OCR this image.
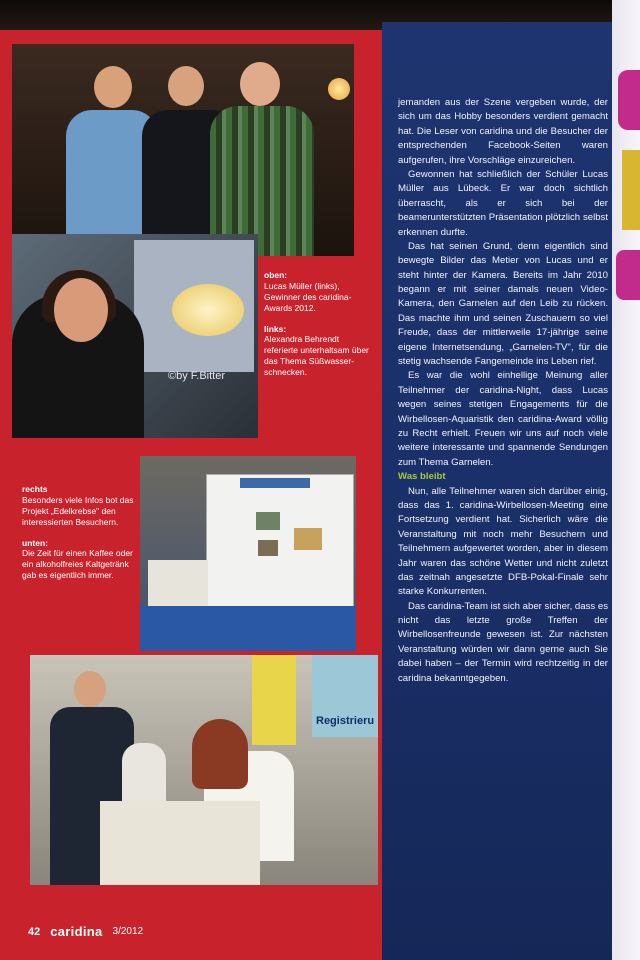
©by F.Bitter
oben:
Lucas Müller (links), Gewinner des caridina-Awards 2012.
links:
Alexandra Behrendt referierte unterhaltsam über das Thema Süßwasserschnecken.
rechts
Besonders viele Infos bot das Projekt „Edelkrebse" den interessierten Besuchern.
unten:
Die Zeit für einen Kaffee oder ein alkoholfreies Kaltgetränk gab es eigentlich immer.
Registrieru

jemanden aus der Szene vergeben wurde, der sich um das Hobby besonders verdient gemacht hat. Die Leser von caridina und die Besucher der entsprechenden Facebook-Seiten waren aufgerufen, ihre Vorschläge einzureichen.

Gewonnen hat schließlich der Schüler Lucas Müller aus Lübeck. Er war doch sichtlich überrascht, als er sich bei der beamerunterstützten Präsentation plötzlich selbst erkennen durfte.

Das hat seinen Grund, denn eigentlich sind bewegte Bilder das Metier von Lucas und er steht hinter der Kamera. Bereits im Jahr 2010 begann er mit seiner damals neuen Video-Kamera, den Garnelen auf den Leib zu rücken. Das machte ihm und seinen Zuschauern so viel Freude, dass der mittlerweile 17-jährige seine eigene Internetsendung, „Garnelen-TV", für die stetig wachsende Fangemeinde ins Leben rief.

Es war die wohl einhellige Meinung aller Teilnehmer der caridina-Night, dass Lucas wegen seines stetigen Engagements für die Wirbellosen-Aquaristik den caridina-Award völlig zu Recht erhielt. Freuen wir uns auf noch viele weitere interessante und spannende Sendungen zum Thema Garnelen.

Was bleibt

Nun, alle Teilnehmer waren sich darüber einig, dass das 1. caridina-Wirbellosen-Meeting eine Fortsetzung verdient hat. Sicherlich wäre die Veranstaltung mit noch mehr Besuchern und Teilnehmern aufgewertet worden, aber in diesem Jahr waren das schöne Wetter und nicht zuletzt das zeitnah angesetzte DFB-Pokal-Finale sehr starke Konkurrenten.

Das caridina-Team ist sich aber sicher, dass es nicht das letzte große Treffen der Wirbellosenfreunde gewesen ist. Zur nächsten Veranstaltung würden wir dann gerne auch Sie dabei haben – der Termin wird rechtzeitig in der caridina bekanntgegeben.

42 caridina 3/2012
